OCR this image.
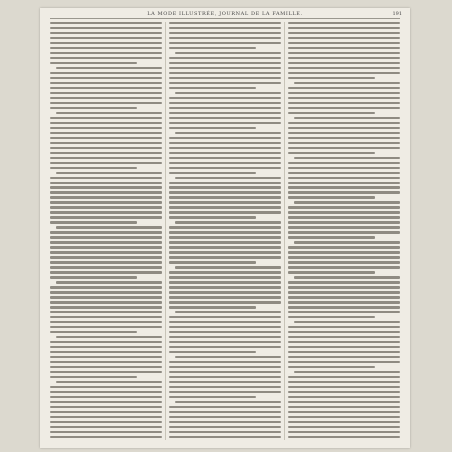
LA MODE ILLUSTRÉE, JOURNAL DE LA FAMILLE.	191
